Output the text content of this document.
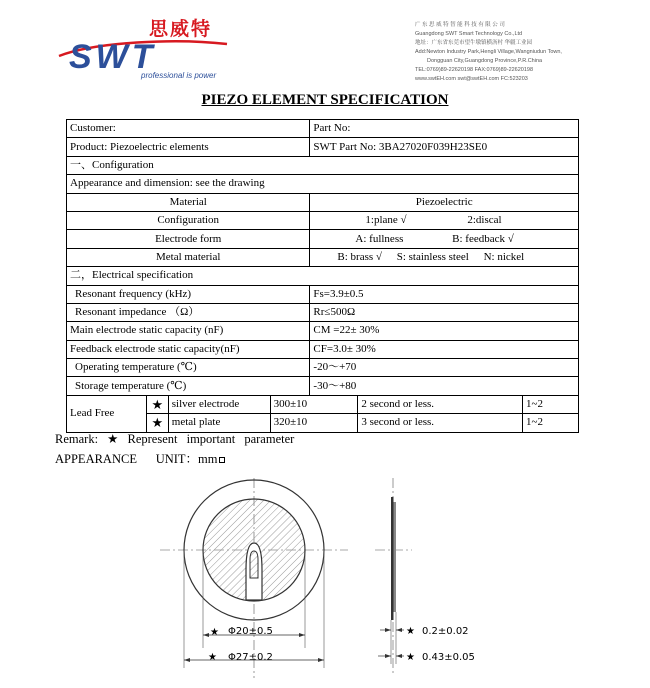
思威特
SWT
professional is power
广 东 思 威 特 智 能 科 技 有 限 公 司
Guangdong SWT Smart Technology Co.,Ltd
地址：广东省东莞市望牛墩镇横沥村 华疆工业园
Add:Newton Industry Park,Hengli Village,Wangniudun Town,
Dongguan City,Guangdong Province,P.R.China
TEL:0769)89-22620198 FAX:0769)89-22620198
www.swtEH.com swt@swtEH.com FC:523203
PIEZO ELEMENT SPECIFICATION
Customer:				Part No:		
Product: Piezoelectric elements				SWT Part No: 3BA27020F039H23SE0		
一、Configuration						
Appearance and dimension: see the drawing						
Material				Piezoelectric		
Configuration				1:plane √ 2:discal		
Electrode form				A: fullness B: feedback √		
Metal material				B: brass √ S: stainless steel N: nickel		
二，Electrical specification						
Resonant frequency (kHz)				Fs=3.9±0.5		
Resonant impedance （Ω）				Rr≤500Ω		
Main electrode static capacity (nF)				CM =22± 30%		
Feedback electrode static capacity(nF)				CF=3.0± 30%		
Operating temperature (℃)				-20～+70		
Storage temperature (℃)				-30～+80		
Lead Free	★	silver electrode	300±10		2 second or less.	1~2
	★	metal plate	320±10		3 second or less.	1~2
Remark: ★ Represent important parameter
APPEARANCE      UNIT：mm
★ Φ20±0.5
★ Φ27±0.2
★ 0.2±0.02
★ 0.43±0.05
